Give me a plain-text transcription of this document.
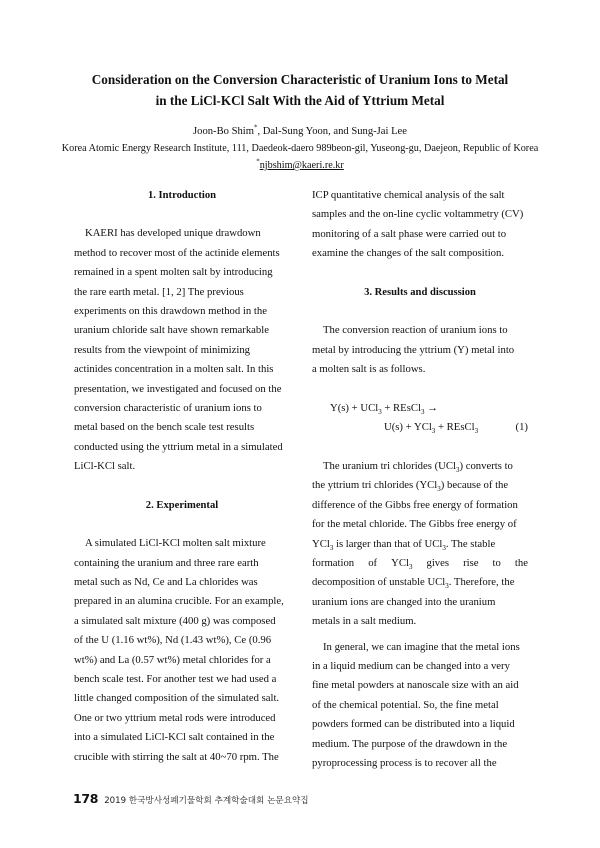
Consideration on the Conversion Characteristic of Uranium Ions to Metal
in the LiCl-KCl Salt With the Aid of Yttrium Metal
Joon-Bo Shim*, Dal-Sung Yoon, and Sung-Jai Lee
Korea Atomic Energy Research Institute, 111, Daedeok-daero 989beon-gil, Yuseong-gu, Daejeon, Republic of Korea
*njbshim@kaeri.re.kr
1. Introduction
KAERI has developed unique drawdown
method to recover most of the actinide elements
remained in a spent molten salt by introducing
the rare earth metal. [1, 2] The previous
experiments on this drawdown method in the
uranium chloride salt have shown remarkable
results from the viewpoint of minimizing
actinides concentration in a molten salt. In this
presentation, we investigated and focused on the
conversion characteristic of uranium ions to
metal based on the bench scale test results
conducted using the yttrium metal in a simulated
LiCl-KCl salt.
2. Experimental
A simulated LiCl-KCl molten salt mixture
containing the uranium and three rare earth
metal such as Nd, Ce and La chlorides was
prepared in an alumina crucible. For an example,
a simulated salt mixture (400 g) was composed
of the U (1.16 wt%), Nd (1.43 wt%), Ce (0.96
wt%) and La (0.57 wt%) metal chlorides for a
bench scale test. For another test we had used a
little changed composition of the simulated salt.
One or two yttrium metal rods were introduced
into a simulated LiCl-KCl salt contained in the
crucible with stirring the salt at 40~70 rpm. The
ICP quantitative chemical analysis of the salt
samples and the on-line cyclic voltammetry (CV)
monitoring of a salt phase were carried out to
examine the changes of the salt composition.
3. Results and discussion
The conversion reaction of uranium ions to
metal by introducing the yttrium (Y) metal into
a molten salt is as follows.
Y(s) + UCl$_3$ + REsCl$_3$ →
U(s) + YCl$_3$ + REsCl$_3$	(1)
The uranium tri chlorides (UCl$_3$) converts to
the yttrium tri chlorides (YCl$_3$) because of the
difference of the Gibbs free energy of formation
for the metal chloride. The Gibbs free energy of
YCl$_3$ is larger than that of UCl$_3$. The stable
formation of YCl$_3$ gives rise to the
decomposition of unstable UCl$_3$. Therefore, the
uranium ions are changed into the uranium
metals in a salt medium.
In general, we can imagine that the metal ions
in a liquid medium can be changed into a very
fine metal powders at nanoscale size with an aid
of the chemical potential. So, the fine metal
powders formed can be distributed into a liquid
medium. The purpose of the drawdown in the
pyroprocessing process is to recover all the
178 2019 한국방사성폐기물학회 추계학술대회 논문요약집
